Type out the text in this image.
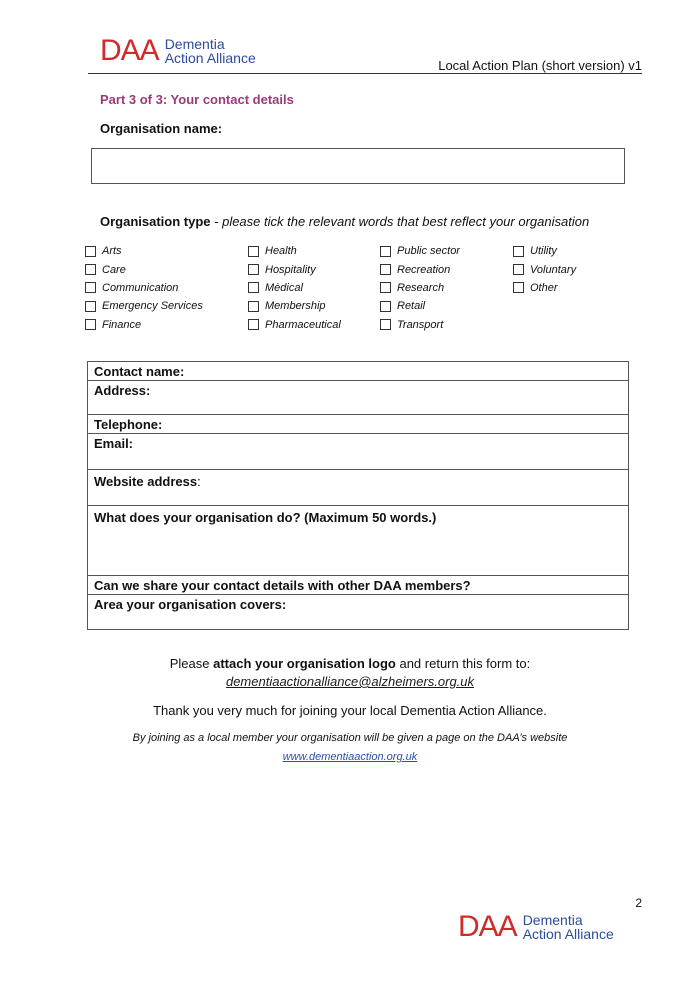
DAA Dementia
Action Alliance	Local Action Plan (short version) v1
Part 3 of 3: Your contact details
Organisation name:
Organisation type - please tick the relevant words that best reflect your organisation
Arts
Care
Communication
Emergency Services
Finance
Health
Hospitality
Mėdical
Membership
Pharmaceutical
Public sector
Recreation
Research
Retail
Transport
Utility
Voluntary
Other
Contact name:
Address:
Telephone:
Email:
Website address:
What does your organisation do? (Maximum 50 words.)
Can we share your contact details with other DAA members?
Area your organisation covers:
Please attach your organisation logo and return this form to:
dementiaactionalliance@alzheimers.org.uk
Thank you very much for joining your local Dementia Action Alliance.
By joining as a local member your organisation will be given a page on the DAA’s website
www.dementiaaction.org.uk
2
DAA Dementia
Action Alliance
